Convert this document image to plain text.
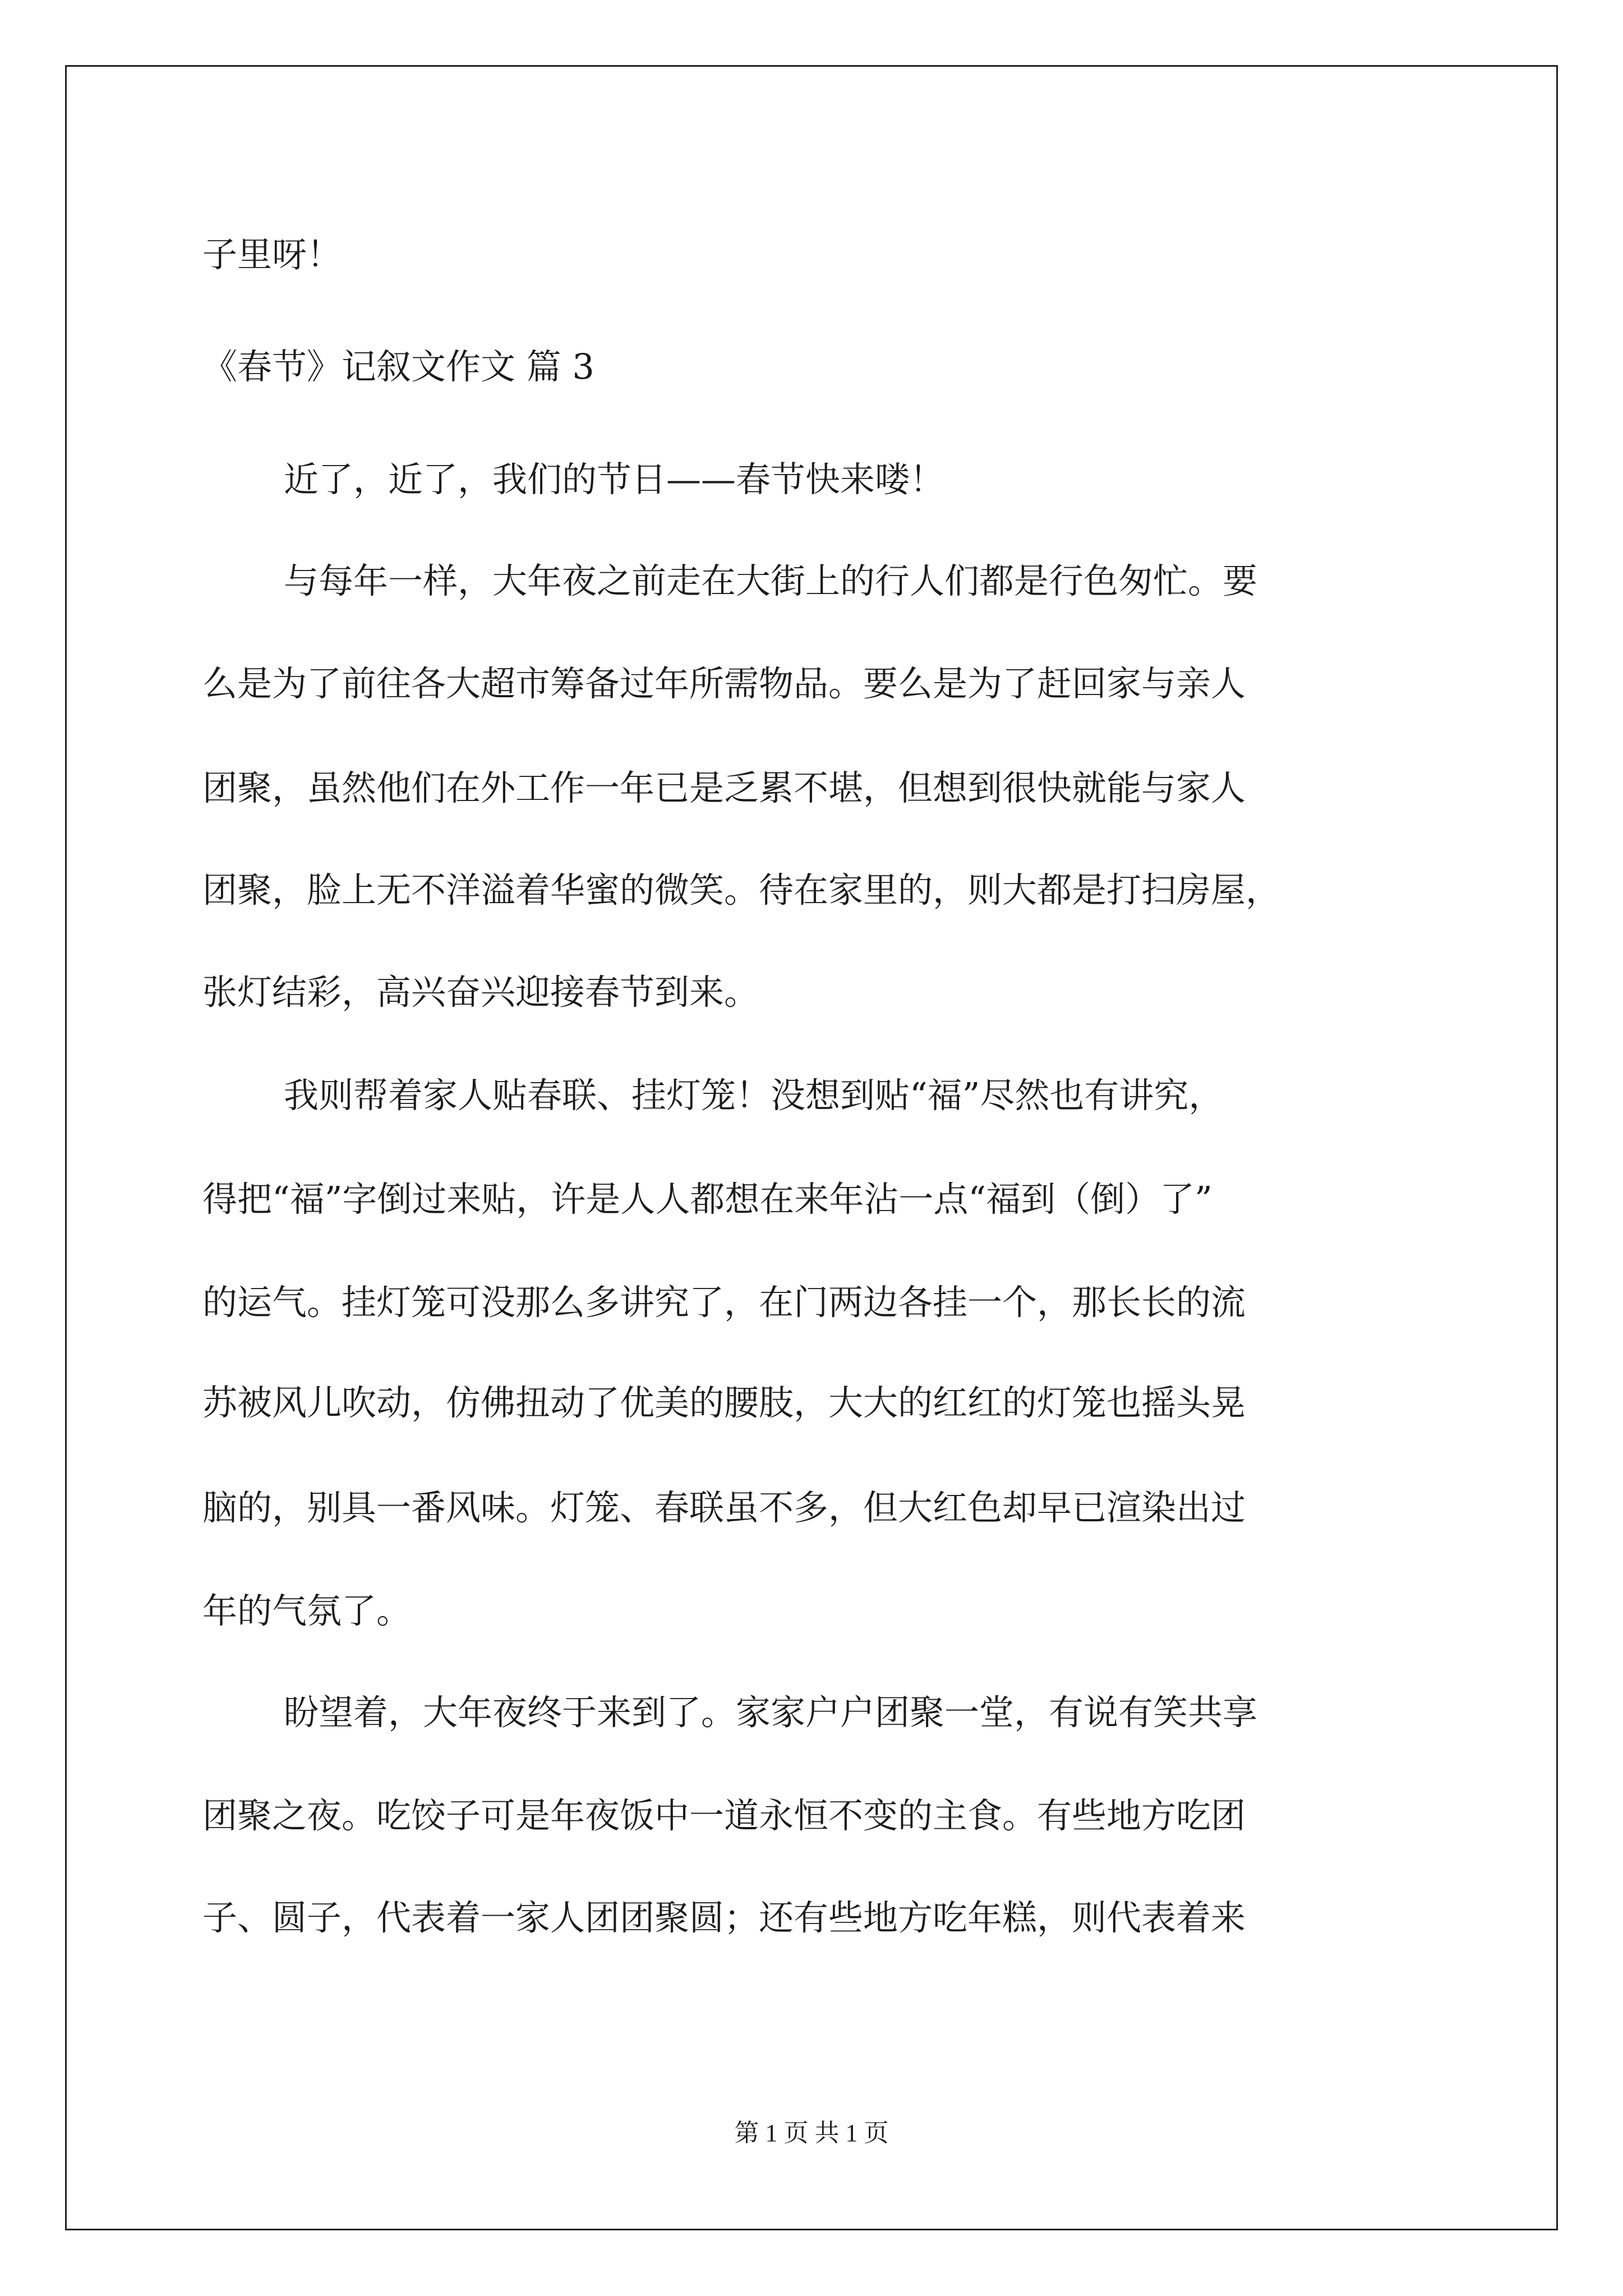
子里呀！
《春节》记叙文作文 篇 3
近了，近了，我们的节日——春节快来喽！
与每年一样，大年夜之前走在大街上的行人们都是行色匆忙。要
么是为了前往各大超市筹备过年所需物品。要么是为了赶回家与亲人
团聚，虽然他们在外工作一年已是乏累不堪，但想到很快就能与家人
团聚，脸上无不洋溢着华蜜的微笑。待在家里的，则大都是打扫房屋，
张灯结彩，高兴奋兴迎接春节到来。
我则帮着家人贴春联、挂灯笼！没想到贴“福”尽然也有讲究，
得把“福”字倒过来贴，许是人人都想在来年沾一点“福到（倒）了”
的运气。挂灯笼可没那么多讲究了，在门两边各挂一个，那长长的流
苏被风儿吹动，仿佛扭动了优美的腰肢，大大的红红的灯笼也摇头晃
脑的，别具一番风味。灯笼、春联虽不多，但大红色却早已渲染出过
年的气氛了。
盼望着，大年夜终于来到了。家家户户团聚一堂，有说有笑共享
团聚之夜。吃饺子可是年夜饭中一道永恒不变的主食。有些地方吃团
子、圆子，代表着一家人团团聚圆；还有些地方吃年糕，则代表着来
第 1 页 共 1 页
